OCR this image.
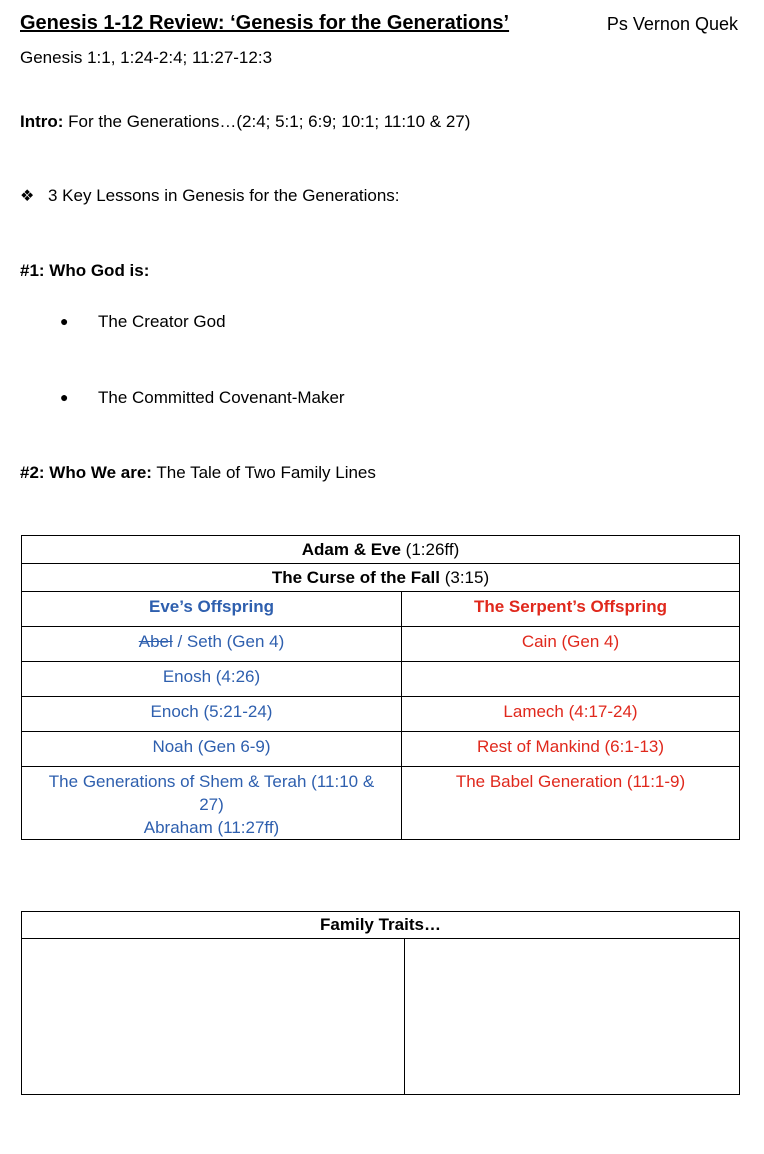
Genesis 1-12 Review: ‘Genesis for the Generations’	Ps Vernon Quek
Genesis 1:1, 1:24-2:4; 11:27-12:3
Intro: For the Generations…(2:4; 5:1; 6:9; 10:1; 11:10 & 27)
❖ 3 Key Lessons in Genesis for the Generations:
#1: Who God is:
● The Creator God
● The Committed Covenant-Maker
#2: Who We are: The Tale of Two Family Lines
Adam & Eve (1:26ff)	
The Curse of the Fall (3:15)	
Eve’s Offspring	The Serpent’s Offspring
Abel / Seth (Gen 4)	Cain (Gen 4)
Enosh (4:26)	
Enoch (5:21-24)	Lamech (4:17-24)
Noah (Gen 6-9)	Rest of Mankind (6:1-13)

The Generations of Shem & Terah (11:10 & 27)
Abraham (11:27ff)	The Babel Generation (11:1-9)
Family Traits…
